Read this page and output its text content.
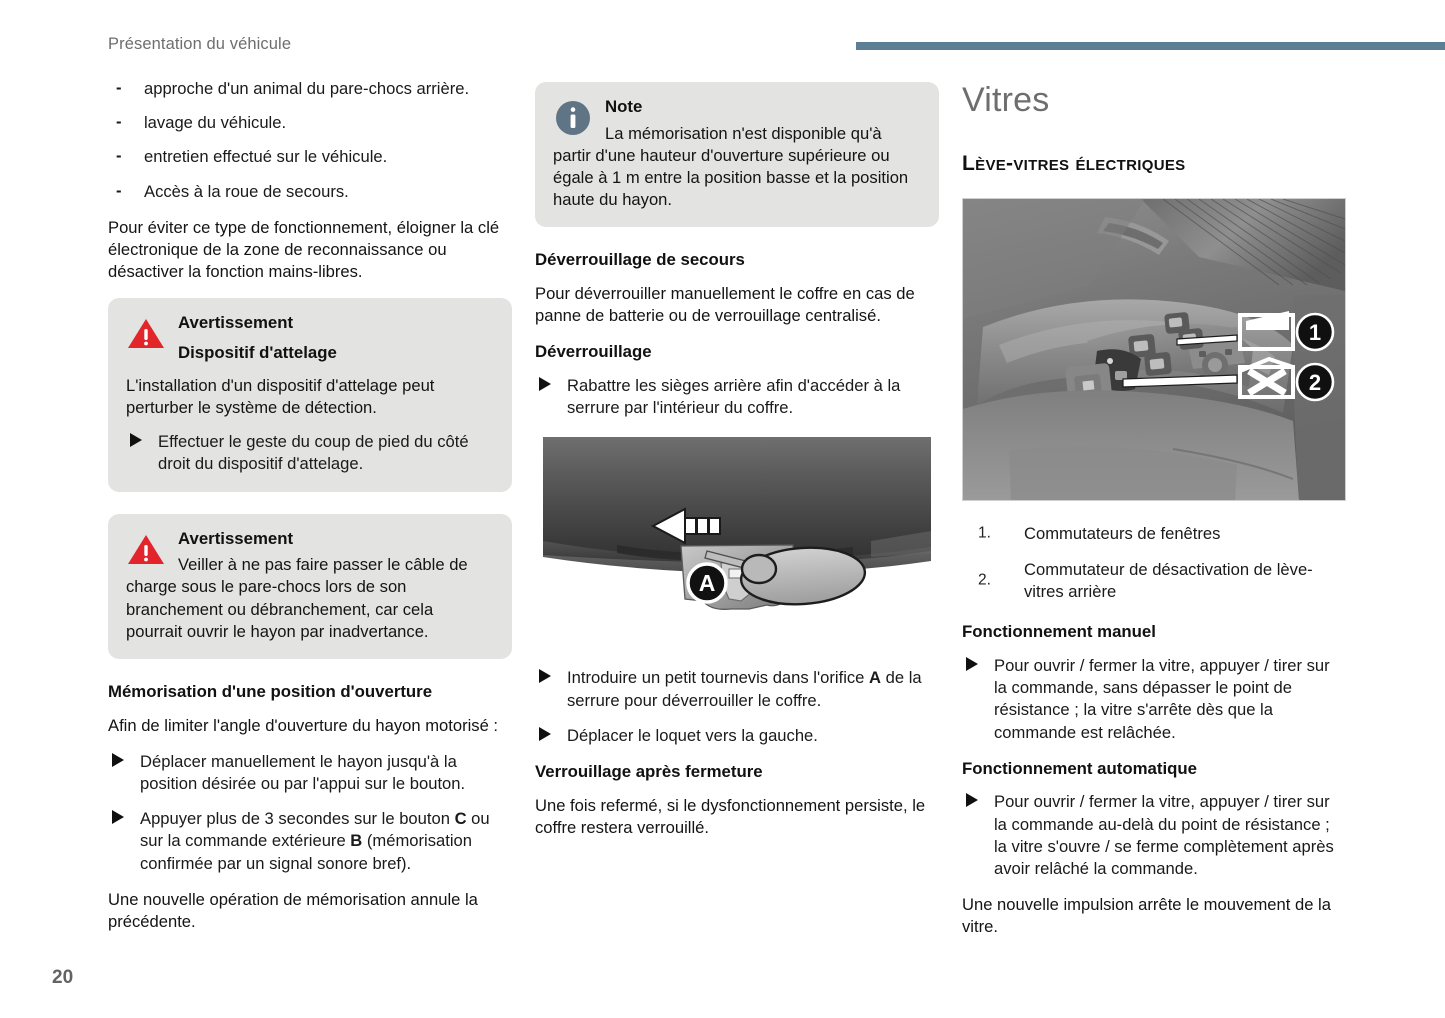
Présentation du véhicule
- approche d'un animal du pare-chocs arrière.
- lavage du véhicule.
- entretien effectué sur le véhicule.
- Accès à la roue de secours.

Pour éviter ce type de fonctionnement, éloigner la clé électronique de la zone de reconnaissance ou désactiver la fonction mains-libres.

Avertissement
Dispositif d'attelage

L'installation d'un dispositif d'attelage peut perturber le système de détection.

Effectuer le geste du coup de pied du côté droit du dispositif d'attelage.
Avertissement

Veiller à ne pas faire passer le câble de charge sous le pare-chocs lors de son branchement ou débranchement, car cela pourrait ouvrir le hayon par inadvertance.

Mémorisation d'une position d'ouverture

Afin de limiter l'angle d'ouverture du hayon motorisé :

Déplacer manuellement le hayon jusqu'à la position désirée ou par l'appui sur le bouton.
Appuyer plus de 3 secondes sur le bouton C ou sur la commande extérieure B (mémorisation confirmée par un signal sonore bref).

Une nouvelle opération de mémorisation annule la précédente.

Note

La mémorisation n'est disponible qu'à partir d'une hauteur d'ouverture supérieure ou égale à 1 m entre la position basse et la position haute du hayon.

Déverrouillage de secours

Pour déverrouiller manuellement le coffre en cas de panne de batterie ou de verrouillage centralisé.

Déverrouillage
Rabattre les sièges arrière afin d'accéder à la serrure par l'intérieur du coffre.
A
Introduire un petit tournevis dans l'orifice A de la serrure pour déverrouiller le coffre.
Déplacer le loquet vers la gauche.
Verrouillage après fermeture

Une fois refermé, si le dysfonctionnement persiste, le coffre restera verrouillé.

Vitres
Lève-vitres électriques
1
2
1. Commutateurs de fenêtres
2.
Commutateur de désactivation de lève-vitres arrière
Fonctionnement manuel
Pour ouvrir / fermer la vitre, appuyer / tirer sur la commande, sans dépasser le point de résistance ; la vitre s'arrête dès que la commande est relâchée.
Fonctionnement automatique
Pour ouvrir / fermer la vitre, appuyer / tirer sur la commande au-delà du point de résistance ; la vitre s'ouvre / se ferme complètement après avoir relâché la commande.

Une nouvelle impulsion arrête le mouvement de la vitre.

20
